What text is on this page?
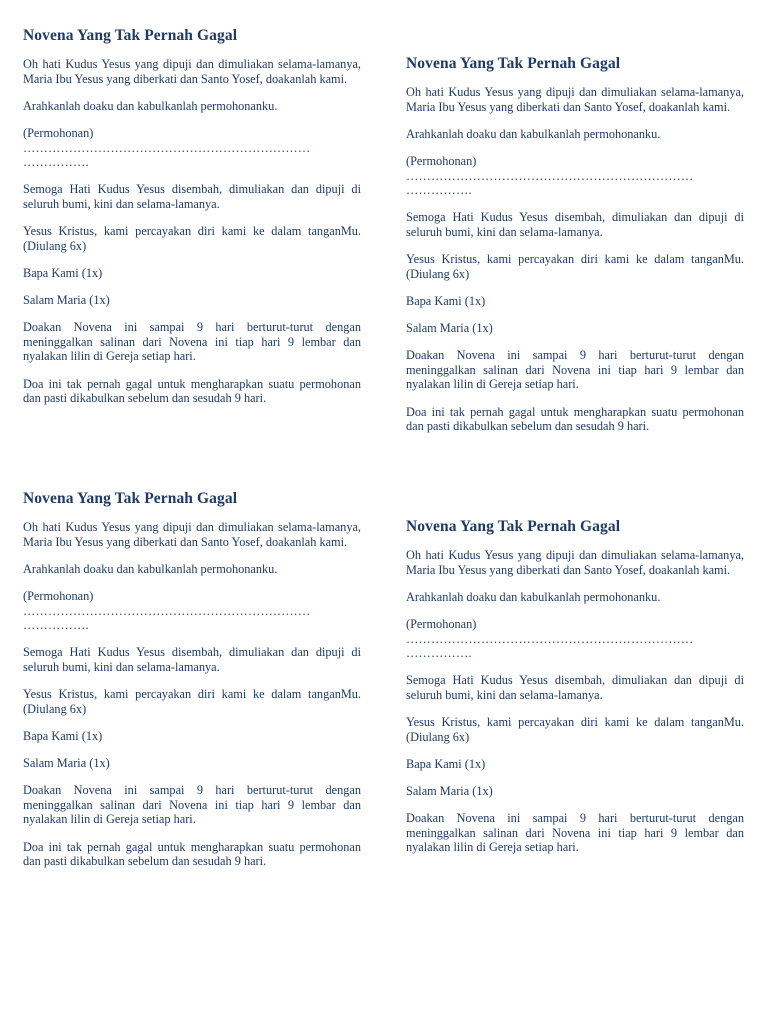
Novena Yang Tak Pernah Gagal
Oh hati Kudus Yesus yang dipuji dan dimuliakan selama-lamanya, Maria Ibu Yesus yang diberkati dan Santo Yosef, doakanlah kami.
Arahkanlah doaku dan kabulkanlah permohonanku.
(Permohonan)
……………………………………………………………
…………….
Semoga Hati Kudus Yesus disembah, dimuliakan dan dipuji di seluruh bumi, kini dan selama-lamanya.
Yesus Kristus, kami percayakan diri kami ke dalam tanganMu. (Diulang 6x)
Bapa Kami (1x)
Salam Maria (1x)
Doakan Novena ini sampai 9 hari berturut-turut dengan meninggalkan salinan dari Novena ini tiap hari 9 lembar dan nyalakan lilin di Gereja setiap hari.
Doa ini tak pernah gagal untuk mengharapkan suatu permohonan dan pasti dikabulkan sebelum dan sesudah 9 hari.
Novena Yang Tak Pernah Gagal
Oh hati Kudus Yesus yang dipuji dan dimuliakan selama-lamanya, Maria Ibu Yesus yang diberkati dan Santo Yosef, doakanlah kami.
Arahkanlah doaku dan kabulkanlah permohonanku.
(Permohonan)
……………………………………………………………
…………….
Semoga Hati Kudus Yesus disembah, dimuliakan dan dipuji di seluruh bumi, kini dan selama-lamanya.
Yesus Kristus, kami percayakan diri kami ke dalam tanganMu. (Diulang 6x)
Bapa Kami (1x)
Salam Maria (1x)
Doakan Novena ini sampai 9 hari berturut-turut dengan meninggalkan salinan dari Novena ini tiap hari 9 lembar dan nyalakan lilin di Gereja setiap hari.
Doa ini tak pernah gagal untuk mengharapkan suatu permohonan dan pasti dikabulkan sebelum dan sesudah 9 hari.
Novena Yang Tak Pernah Gagal
Oh hati Kudus Yesus yang dipuji dan dimuliakan selama-lamanya, Maria Ibu Yesus yang diberkati dan Santo Yosef, doakanlah kami.
Arahkanlah doaku dan kabulkanlah permohonanku.
(Permohonan)
……………………………………………………………
…………….
Semoga Hati Kudus Yesus disembah, dimuliakan dan dipuji di seluruh bumi, kini dan selama-lamanya.
Yesus Kristus, kami percayakan diri kami ke dalam tanganMu. (Diulang 6x)
Bapa Kami (1x)
Salam Maria (1x)
Doakan Novena ini sampai 9 hari berturut-turut dengan meninggalkan salinan dari Novena ini tiap hari 9 lembar dan nyalakan lilin di Gereja setiap hari.
Doa ini tak pernah gagal untuk mengharapkan suatu permohonan dan pasti dikabulkan sebelum dan sesudah 9 hari.
Novena Yang Tak Pernah Gagal
Oh hati Kudus Yesus yang dipuji dan dimuliakan selama-lamanya, Maria Ibu Yesus yang diberkati dan Santo Yosef, doakanlah kami.
Arahkanlah doaku dan kabulkanlah permohonanku.
(Permohonan)
……………………………………………………………
…………….
Semoga Hati Kudus Yesus disembah, dimuliakan dan dipuji di seluruh bumi, kini dan selama-lamanya.
Yesus Kristus, kami percayakan diri kami ke dalam tanganMu. (Diulang 6x)
Bapa Kami (1x)
Salam Maria (1x)
Doakan Novena ini sampai 9 hari berturut-turut dengan meninggalkan salinan dari Novena ini tiap hari 9 lembar dan nyalakan lilin di Gereja setiap hari.
